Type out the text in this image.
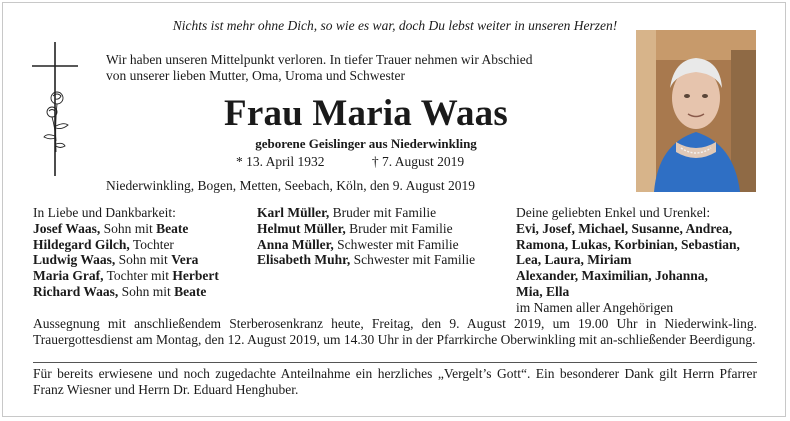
Nichts ist mehr ohne Dich, so wie es war, doch Du lebst weiter in unseren Herzen!
Wir haben unseren Mittelpunkt verloren. In tiefer Trauer nehmen wir Abschied
von unserer lieben Mutter, Oma, Uroma und Schwester
Frau Maria Waas
geborene Geislinger aus Niederwinkling
* 13. April 1932	† 7. August 2019
Niederwinkling, Bogen, Metten, Seebach, Köln, den 9. August 2019
In Liebe und Dankbarkeit:
Josef Waas, Sohn mit Beate
Hildegard Gilch, Tochter
Ludwig Waas, Sohn mit Vera
Maria Graf, Tochter mit Herbert
Richard Waas, Sohn mit Beate
Karl Müller, Bruder mit Familie
Helmut Müller, Bruder mit Familie
Anna Müller, Schwester mit Familie
Elisabeth Muhr, Schwester mit Familie
Deine geliebten Enkel und Urenkel:
Evi, Josef, Michael, Susanne, Andrea,
Ramona, Lukas, Korbinian, Sebastian,
Lea, Laura, Miriam
Alexander, Maximilian, Johanna,
Mia, Ella
im Namen aller Angehörigen
Aussegnung mit anschließendem Sterberosenkranz heute, Freitag, den 9. August 2019, um 19.00 Uhr in Niederwink-ling. Trauergottesdienst am Montag, den 12. August 2019, um 14.30 Uhr in der Pfarrkirche Oberwinkling mit an-schließender Beerdigung.
Für bereits erwiesene und noch zugedachte Anteilnahme ein herzliches „Vergelt’s Gott“. Ein besonderer Dank gilt Herrn Pfarrer Franz Wiesner und Herrn Dr. Eduard Henghuber.
